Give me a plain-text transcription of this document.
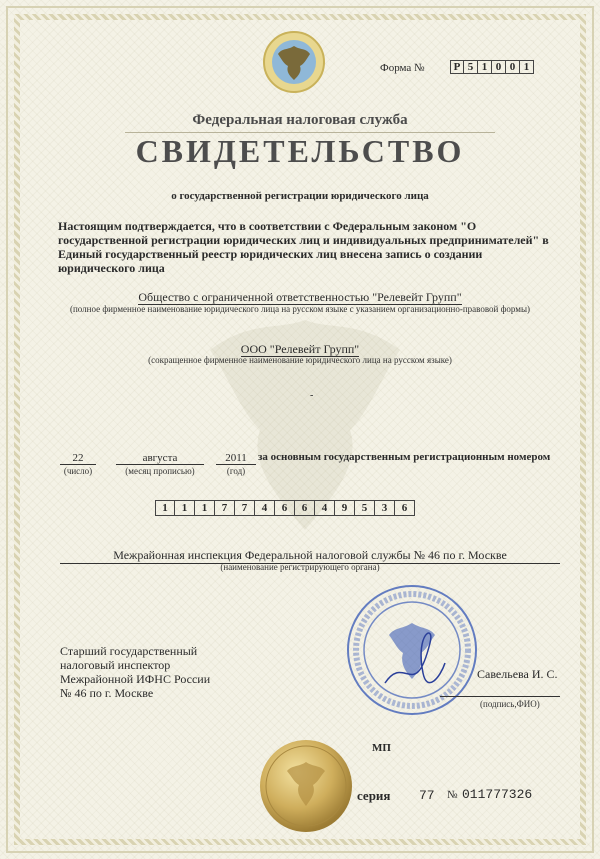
Форма №	Р 5 1 0 0 1
Федеральная налоговая служба
СВИДЕТЕЛЬСТВО
о государственной регистрации юридического лица
Настоящим подтверждается, что в соответствии с Федеральным законом "О государственной регистрации юридических лиц и индивидуальных предпринимателей" в Единый государственный реестр юридических лиц внесена запись о создании юридического лица
Общество с ограниченной ответственностью "Релевейт Групп"
(полное фирменное наименование юридического лица на русском языке с указанием организационно-правовой формы)
ООО "Релевейт Групп"
(сокращенное фирменное наименование юридического лица на русском языке)
-
22
(число)
августа
(месяц прописью)
2011
(год)
за основным государственным регистрационным номером
1	1	1	7	7	4	6	6	4	9	5	3	6
Межрайонная инспекция Федеральной налоговой службы № 46 по г. Москве
(наименование регистрирующего органа)
Старший государственный
налоговый инспектор
Межрайонной ИФНС России
№ 46 по г. Москве
Савельева И. С.
(подпись,ФИО)
МП
серия 77 № 011777326
